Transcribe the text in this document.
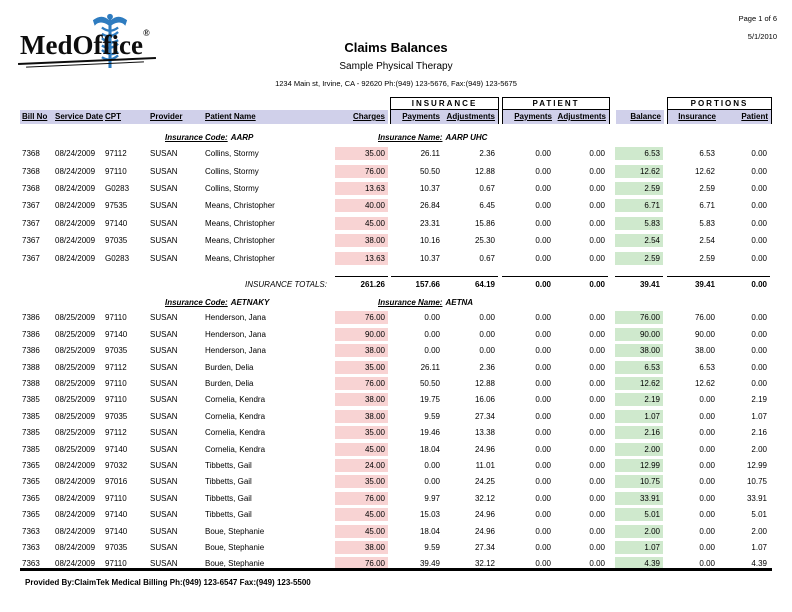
MedOffice®
Page 1 of 6
5/1/2010
Claims Balances
Sample Physical Therapy
1234 Main st, Irvine, CA - 92620 Ph:(949) 123-5676, Fax:(949) 123-5675
Bill No Service Date CPT	Provider	Patient Name	Charges
INSURANCE
Payments Adjustments
PATIENT
Payments Adjustments	Balance
PORTIONS
Insurance	Patient
Insurance Code: AARP	Insurance Name: AARP UHC
7368	08/24/2009	97112	SUSAN	Collins, Stormy	35.00	26.11	2.36	0.00	0.00	6.53	6.53	0.00
7368	08/24/2009	97110	SUSAN	Collins, Stormy	76.00	50.50	12.88	0.00	0.00	12.62	12.62	0.00
7368	08/24/2009	G0283	SUSAN	Collins, Stormy	13.63	10.37	0.67	0.00	0.00	2.59	2.59	0.00
7367	08/24/2009	97535	SUSAN	Means, Christopher	40.00	26.84	6.45	0.00	0.00	6.71	6.71	0.00
7367	08/24/2009	97140	SUSAN	Means, Christopher	45.00	23.31	15.86	0.00	0.00	5.83	5.83	0.00
7367	08/24/2009	97035	SUSAN	Means, Christopher	38.00	10.16	25.30	0.00	0.00	2.54	2.54	0.00
7367	08/24/2009	G0283	SUSAN	Means, Christopher	13.63	10.37	0.67	0.00	0.00	2.59	2.59	0.00
INSURANCE TOTALS:	261.26	157.66	64.19	0.00	0.00	39.41	39.41	0.00
Insurance Code: AETNAKY	Insurance Name: AETNA
7386	08/25/2009	97110	SUSAN	Henderson, Jana	76.00	0.00	0.00	0.00	0.00	76.00	76.00	0.00
7386	08/25/2009	97140	SUSAN	Henderson, Jana	90.00	0.00	0.00	0.00	0.00	90.00	90.00	0.00
7386	08/25/2009	97035	SUSAN	Henderson, Jana	38.00	0.00	0.00	0.00	0.00	38.00	38.00	0.00
7388	08/25/2009	97112	SUSAN	Burden, Delia	35.00	26.11	2.36	0.00	0.00	6.53	6.53	0.00
7388	08/25/2009	97110	SUSAN	Burden, Delia	76.00	50.50	12.88	0.00	0.00	12.62	12.62	0.00
7385	08/25/2009	97110	SUSAN	Cornelia, Kendra	38.00	19.75	16.06	0.00	0.00	2.19	0.00	2.19
7385	08/25/2009	97035	SUSAN	Cornelia, Kendra	38.00	9.59	27.34	0.00	0.00	1.07	0.00	1.07
7385	08/25/2009	97112	SUSAN	Cornelia, Kendra	35.00	19.46	13.38	0.00	0.00	2.16	0.00	2.16
7385	08/25/2009	97140	SUSAN	Cornelia, Kendra	45.00	18.04	24.96	0.00	0.00	2.00	0.00	2.00
7365	08/24/2009	97032	SUSAN	Tibbetts, Gail	24.00	0.00	11.01	0.00	0.00	12.99	0.00	12.99
7365	08/24/2009	97016	SUSAN	Tibbetts, Gail	35.00	0.00	24.25	0.00	0.00	10.75	0.00	10.75
7365	08/24/2009	97110	SUSAN	Tibbetts, Gail	76.00	9.97	32.12	0.00	0.00	33.91	0.00	33.91
7365	08/24/2009	97140	SUSAN	Tibbetts, Gail	45.00	15.03	24.96	0.00	0.00	5.01	0.00	5.01
7363	08/24/2009	97140	SUSAN	Boue, Stephanie	45.00	18.04	24.96	0.00	0.00	2.00	0.00	2.00
7363	08/24/2009	97035	SUSAN	Boue, Stephanie	38.00	9.59	27.34	0.00	0.00	1.07	0.00	1.07
7363	08/24/2009	97110	SUSAN	Boue, Stephanie	76.00	39.49	32.12	0.00	0.00	4.39	0.00	4.39
Provided By:ClaimTek Medical Billing Ph:(949) 123-6547 Fax:(949) 123-5500
